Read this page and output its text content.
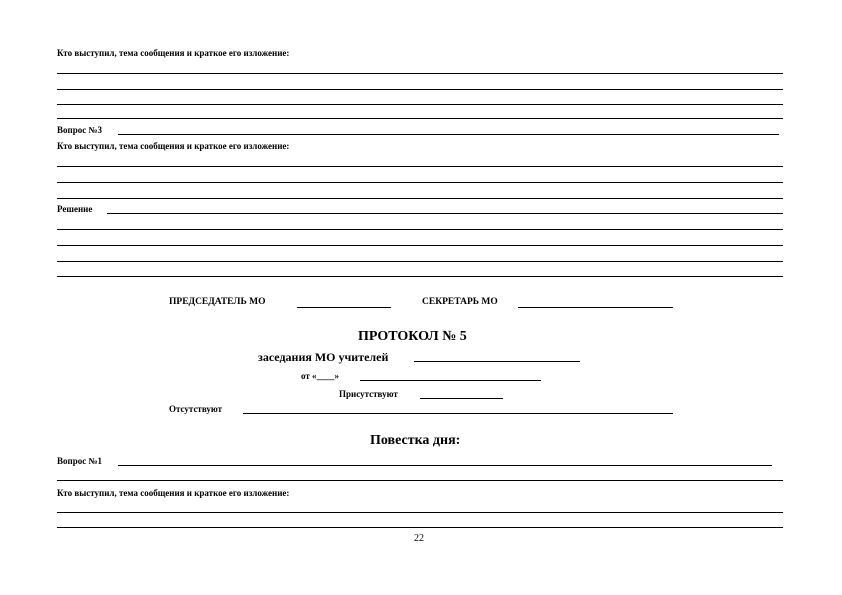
Кто выступил, тема сообщения и краткое его изложение:
Вопрос №3
Кто выступил, тема сообщения и краткое его изложение:
Решение
ПРЕДСЕДАТЕЛЬ МО	СЕКРЕТАРЬ МО
ПРОТОКОЛ № 5
заседания МО учителей
от «____»
Присутствуют
Отсутствуют
Повестка дня:
Вопрос №1
Кто выступил, тема сообщения и краткое его изложение:
22
